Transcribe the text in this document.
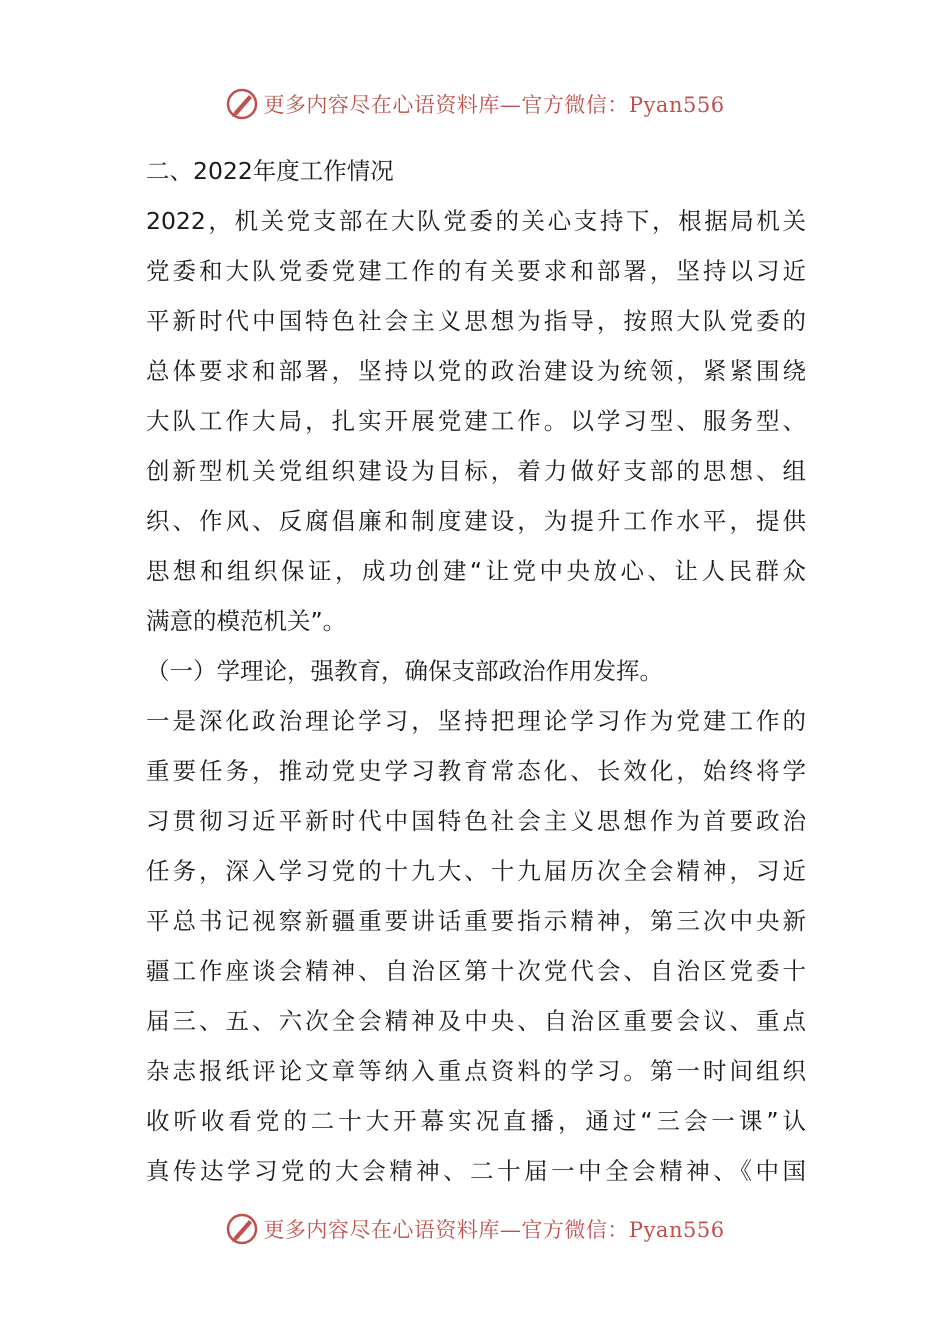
更多内容尽在心语资料库—官方微信：Pyan556
二、2022年度工作情况
2022，机关党支部在大队党委的关心支持下，根据局机关
党委和大队党委党建工作的有关要求和部署，坚持以习近
平新时代中国特色社会主义思想为指导，按照大队党委的
总体要求和部署，坚持以党的政治建设为统领，紧紧围绕
大队工作大局，扎实开展党建工作。以学习型、服务型、
创新型机关党组织建设为目标，着力做好支部的思想、组
织、作风、反腐倡廉和制度建设，为提升工作水平，提供
思想和组织保证，成功创建“让党中央放心、让人民群众
满意的模范机关”。
（一）学理论，强教育，确保支部政治作用发挥。
一是深化政治理论学习，坚持把理论学习作为党建工作的
重要任务，推动党史学习教育常态化、长效化，始终将学
习贯彻习近平新时代中国特色社会主义思想作为首要政治
任务，深入学习党的十九大、十九届历次全会精神，习近
平总书记视察新疆重要讲话重要指示精神，第三次中央新
疆工作座谈会精神、自治区第十次党代会、自治区党委十
届三、五、六次全会精神及中央、自治区重要会议、重点
杂志报纸评论文章等纳入重点资料的学习。第一时间组织
收听收看党的二十大开幕实况直播，通过“三会一课”认
真传达学习党的大会精神、二十届一中全会精神、《中国
更多内容尽在心语资料库—官方微信：Pyan556
